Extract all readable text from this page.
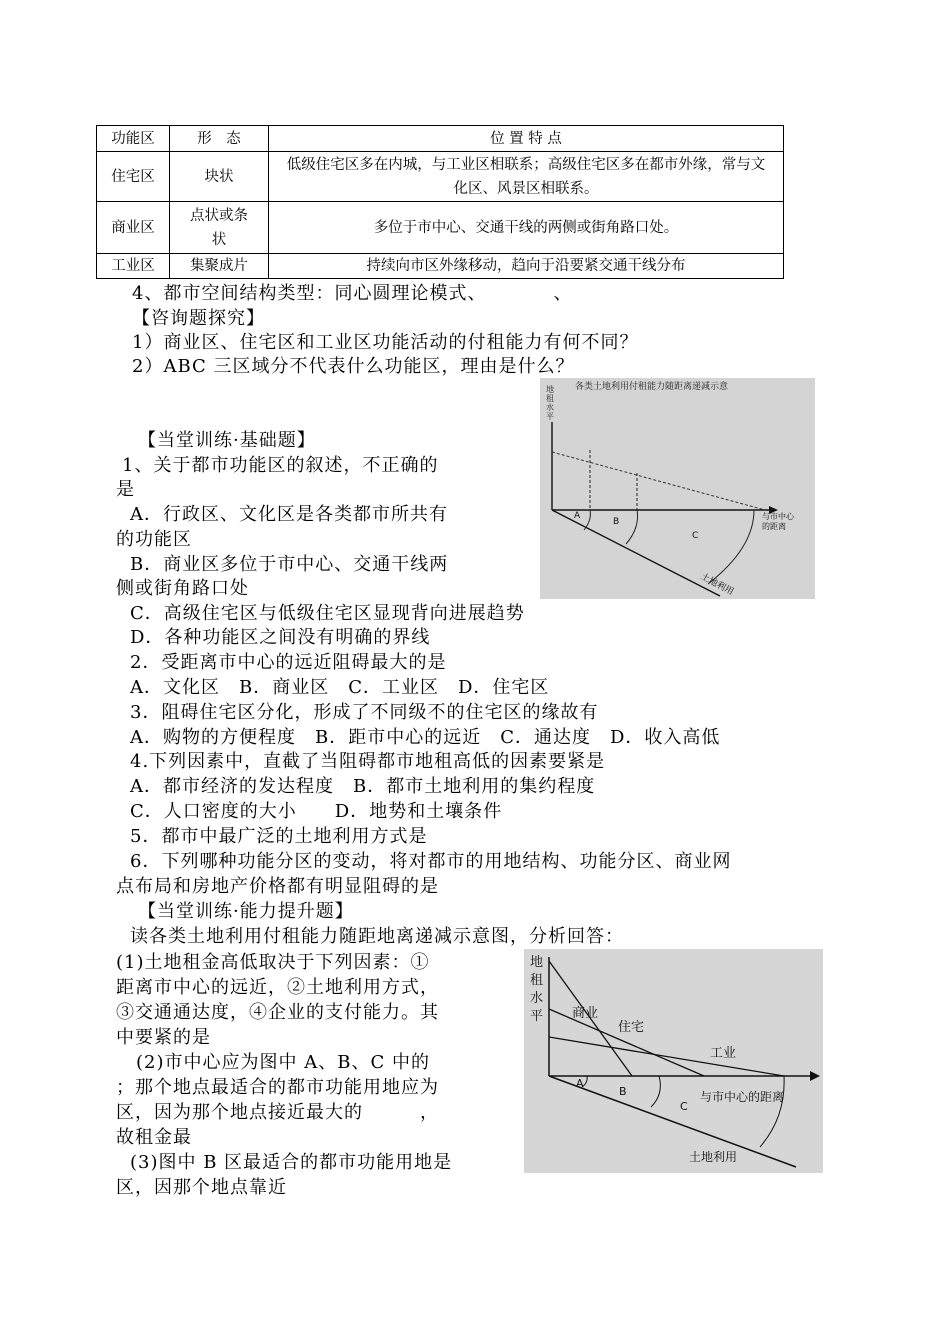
功能区	形　态	位 置 特 点
住宅区	块状	低级住宅区多在内城，与工业区相联系；高级住宅区多在都市外缘，常与文化区、风景区相联系。
商业区	点状或条状	多位于市中心、交通干线的两侧或街角路口处。
工业区	集聚成片	持续向市区外缘移动，趋向于沿要紧交通干线分布
4、都市空间结构类型：同心圆理论模式、　　　　、
【咨询题探究】
1）商业区、住宅区和工业区功能活动的付租能力有何不同？
2）ABC 三区域分不代表什么功能区，理由是什么？
【当堂训练·基础题】
1、关于都市功能区的叙述，不正确的
是
A．行政区、文化区是各类都市所共有
的功能区
B．商业区多位于市中心、交通干线两
侧或街角路口处
C．高级住宅区与低级住宅区显现背向进展趋势
D．各种功能区之间没有明确的界线
2．受距离市中心的远近阻碍最大的是
A．文化区　B．商业区　C．工业区　D．住宅区
3．阻碍住宅区分化，形成了不同级不的住宅区的缘故有
A．购物的方便程度　B．距市中心的远近　C．通达度　D．收入高低
4.下列因素中，直截了当阻碍都市地租高低的因素要紧是
A．都市经济的发达程度　B．都市土地利用的集约程度
C．人口密度的大小　　D．地势和土壤条件
5．都市中最广泛的土地利用方式是
6．下列哪种功能分区的变动，将对都市的用地结构、功能分区、商业网
点布局和房地产价格都有明显阻碍的是
【当堂训练·能力提升题】
读各类土地利用付租能力随距地离递减示意图，分析回答：
(1)土地租金高低取决于下列因素：①
距离市中心的远近，②土地利用方式，
③交通通达度，④企业的支付能力。其
中要紧的是
(2)市中心应为图中 A、B、C 中的
；那个地点最适合的都市功能用地应为
区，因为那个地点接近最大的　　　，
故租金最
(3)图中 B 区最适合的都市功能用地是
区，因那个地点靠近
各类土地利用付租能力随距离递减示意
地
租
水
平
A
B
C
与市中心
的距离
土地利用
地
租
水
平 商业
住宅
工业
A
B
C
与市中心的距离
土地利用
